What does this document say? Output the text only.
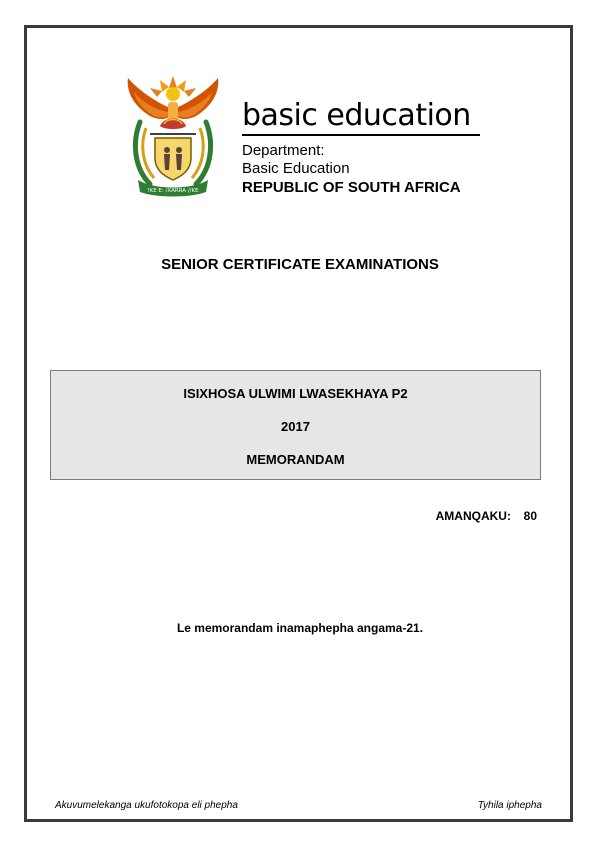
!KE E: /XARRA //KE
basic education
Department:
Basic Education
REPUBLIC OF SOUTH AFRICA
SENIOR CERTIFICATE EXAMINATIONS
ISIXHOSA ULWIMI LWASEKHAYA P2
2017
MEMORANDAM
AMANQAKU: 80
Le memorandam inamaphepha angama-21.
Akuvumelekanga ukufotokopa eli phepha	Tyhila iphepha
